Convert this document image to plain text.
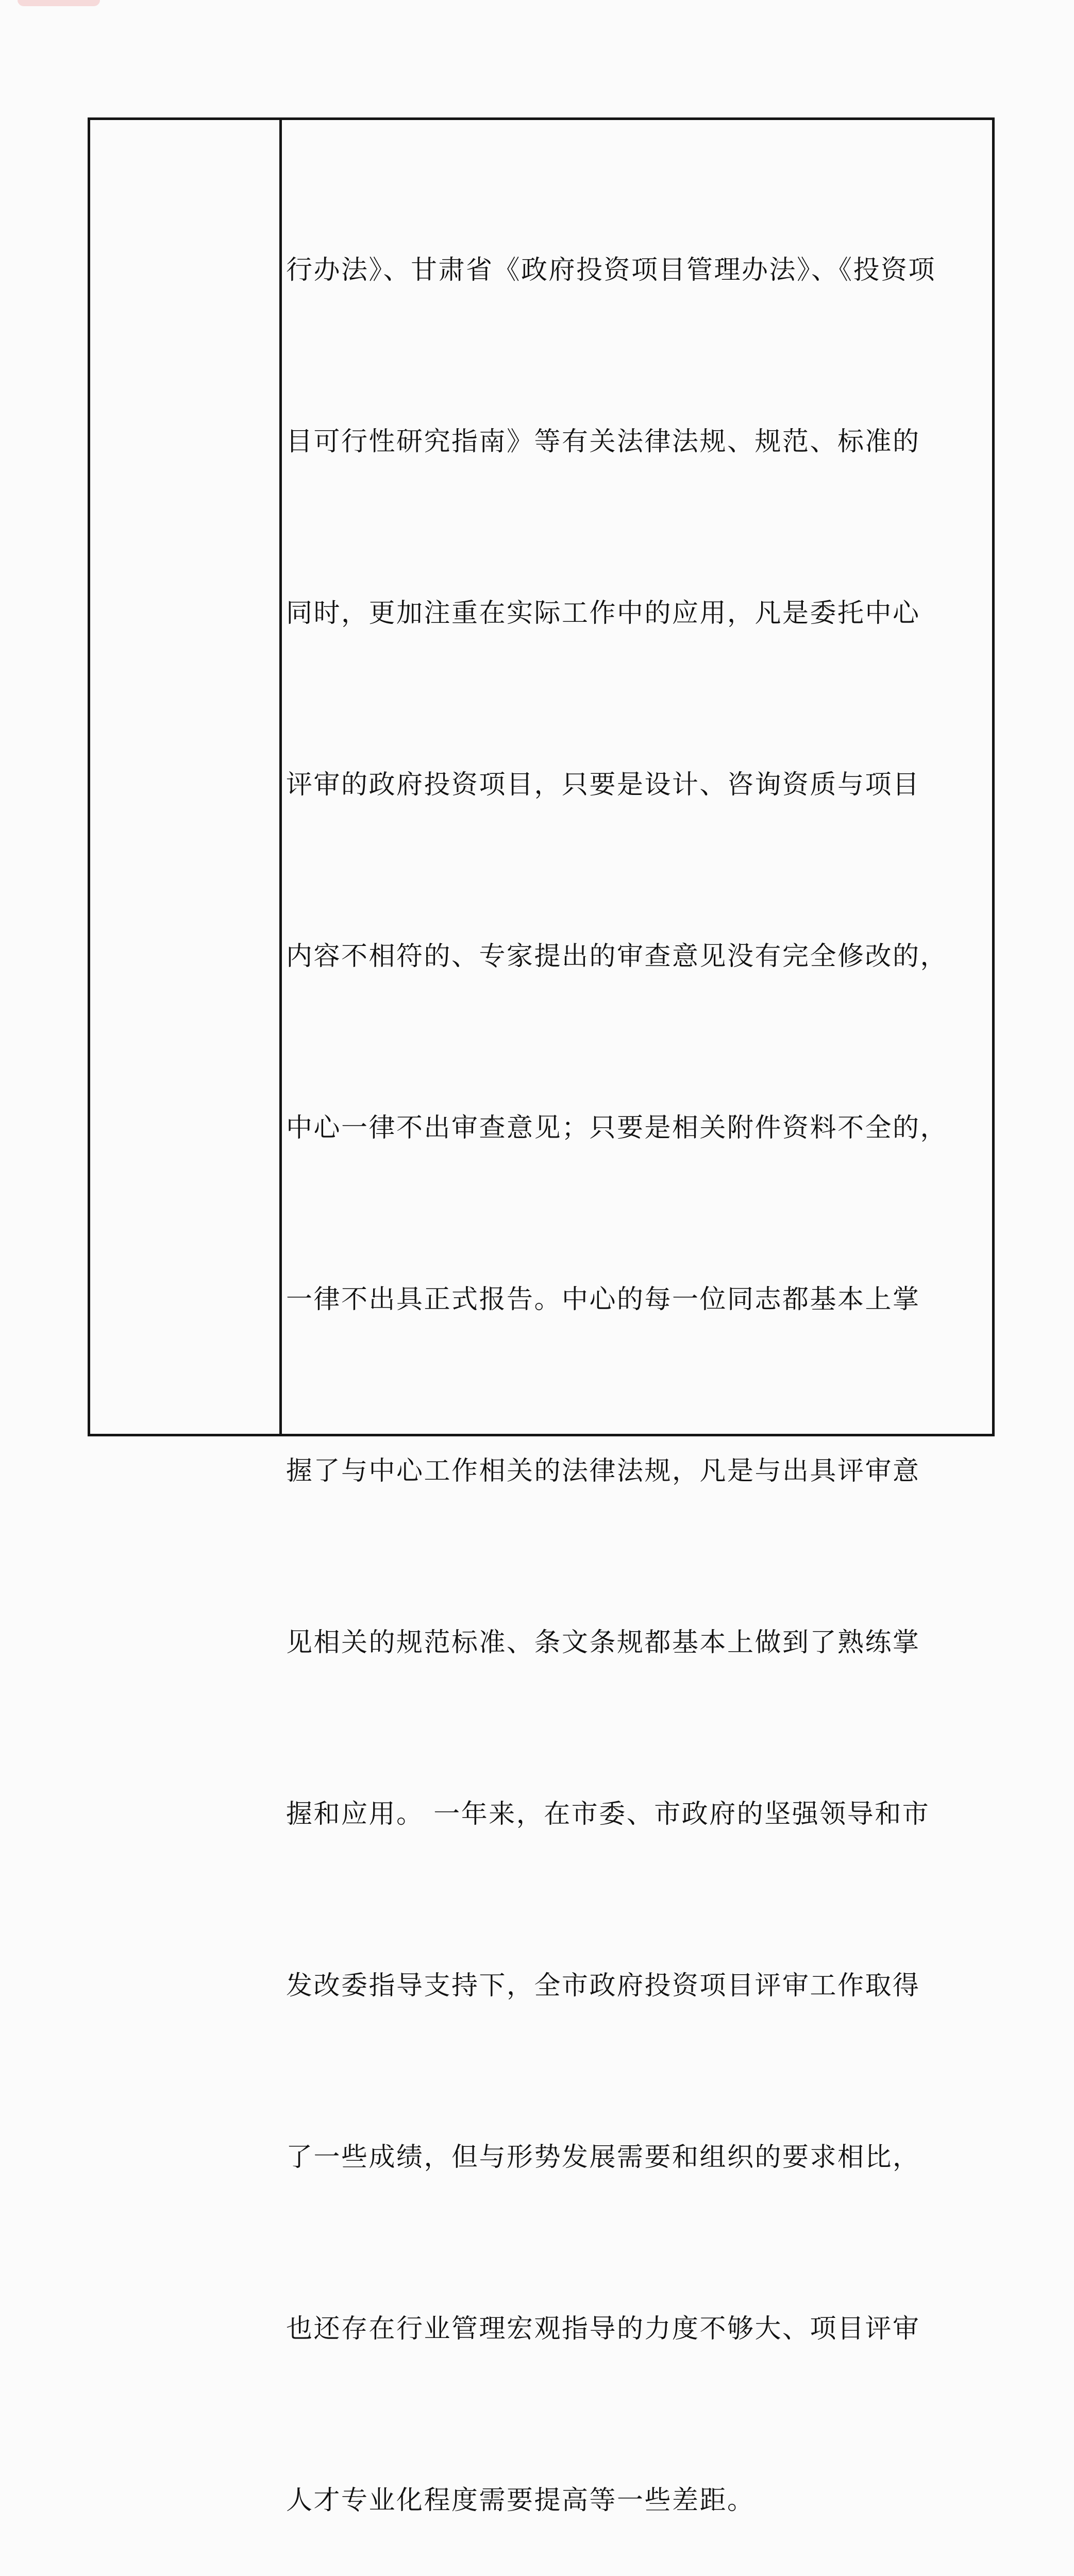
行办法》、甘肃省《政府投资项目管理办法》、《投资项

目可行性研究指南》等有关法律法规、规范、标准的

同时，更加注重在实际工作中的应用，凡是委托中心

评审的政府投资项目，只要是设计、咨询资质与项目

内容不相符的、专家提出的审查意见没有完全修改的，

中心一律不出审查意见；只要是相关附件资料不全的，

一律不出具正式报告。中心的每一位同志都基本上掌

握了与中心工作相关的法律法规，凡是与出具评审意

见相关的规范标准、条文条规都基本上做到了熟练掌

握和应用。 一年来，在市委、市政府的坚强领导和市

发改委指导支持下，全市政府投资项目评审工作取得

了一些成绩，但与形势发展需要和组织的要求相比，

也还存在行业管理宏观指导的力度不够大、项目评审

人才专业化程度需要提高等一些差距。
